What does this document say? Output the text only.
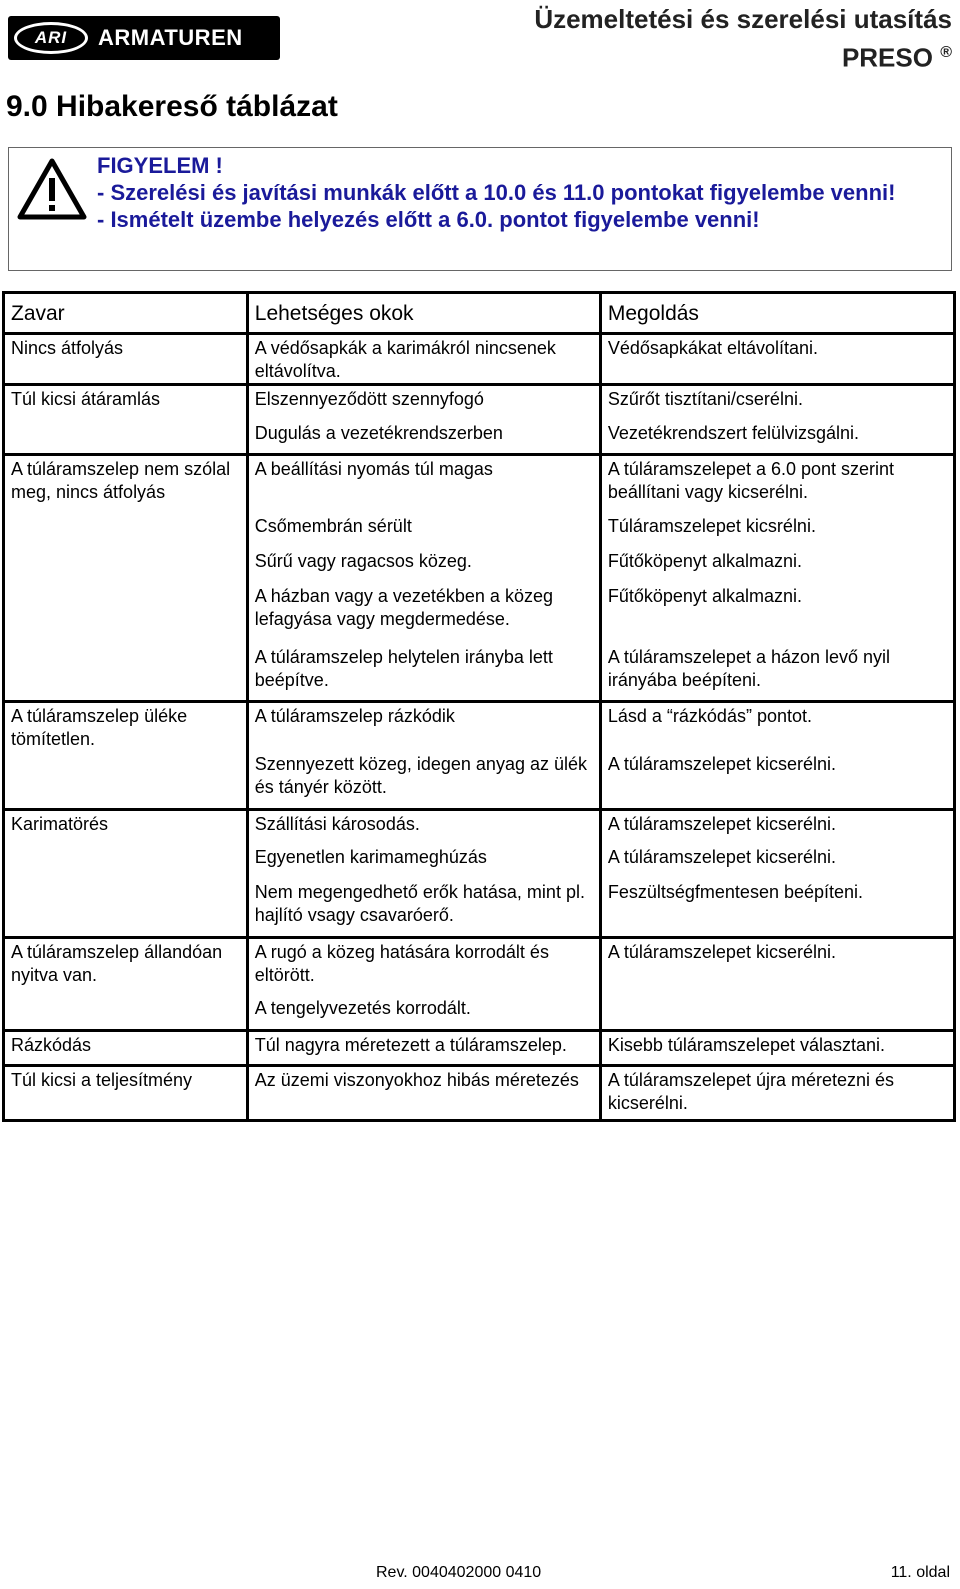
ARI ARMATUREN
Üzemeltetési és szerelési utasítás
PRESO ®
9.0 Hibakereső táblázat
FIGYELEM !
- Szerelési és javítási munkák előtt a 10.0 és 11.0 pontokat figyelembe venni!
- Ismételt üzembe helyezés előtt a 6.0. pontot figyelembe venni!
Zavar	Lehetséges okok	Megoldás
Nincs átfolyás	A védősapkák a karimákról nincsenek eltávolítva.	Védősapkákat eltávolítani.
Túl kicsi átáramlás	Elszennyeződött szennyfogó	Szűrőt tisztítani/cserélni.
	Dugulás a vezetékrendszerben	Vezetékrendszert felülvizsgálni.
A túláramszelep nem szólal meg, nincs átfolyás	A beállítási nyomás túl magas	A túláramszelepet a 6.0 pont szerint beállítani vagy kicserélni.
	Csőmembrán sérült	Túláramszelepet kicsrélni.
	Sűrű vagy ragacsos közeg.	Fűtőköpenyt alkalmazni.
	A házban vagy a vezetékben a közeg lefagyása vagy megdermedése.	Fűtőköpenyt alkalmazni.
	A túláramszelep helytelen irányba lett beépítve.	A túláramszelepet a házon levő nyil irányába beépíteni.
A túláramszelep üléke tömítetlen.	A túláramszelep rázkódik	Lásd a “rázkódás” pontot.
	Szennyezett közeg, idegen anyag az ülék és tányér között.	A túláramszelepet kicserélni.
Karimatörés	Szállítási károsodás.	A túláramszelepet kicserélni.
	Egyenetlen karimameghúzás	A túláramszelepet kicserélni.
	Nem megengedhető erők hatása, mint pl. hajlító vsagy csavaróerő.	Feszültségfmentesen beépíteni.
A túláramszelep állandóan nyitva van.	A rugó a közeg hatására korrodált és eltörött.	A túláramszelepet kicserélni.
	A tengelyvezetés korrodált.	
Rázkódás	Túl nagyra méretezett a túláramszelep.	Kisebb túláramszelepet választani.
Túl kicsi a teljesítmény	Az üzemi viszonyokhoz hibás méretezés	A túláramszelepet újra méretezni és kicserélni.
Rev. 0040402000 0410	11. oldal
